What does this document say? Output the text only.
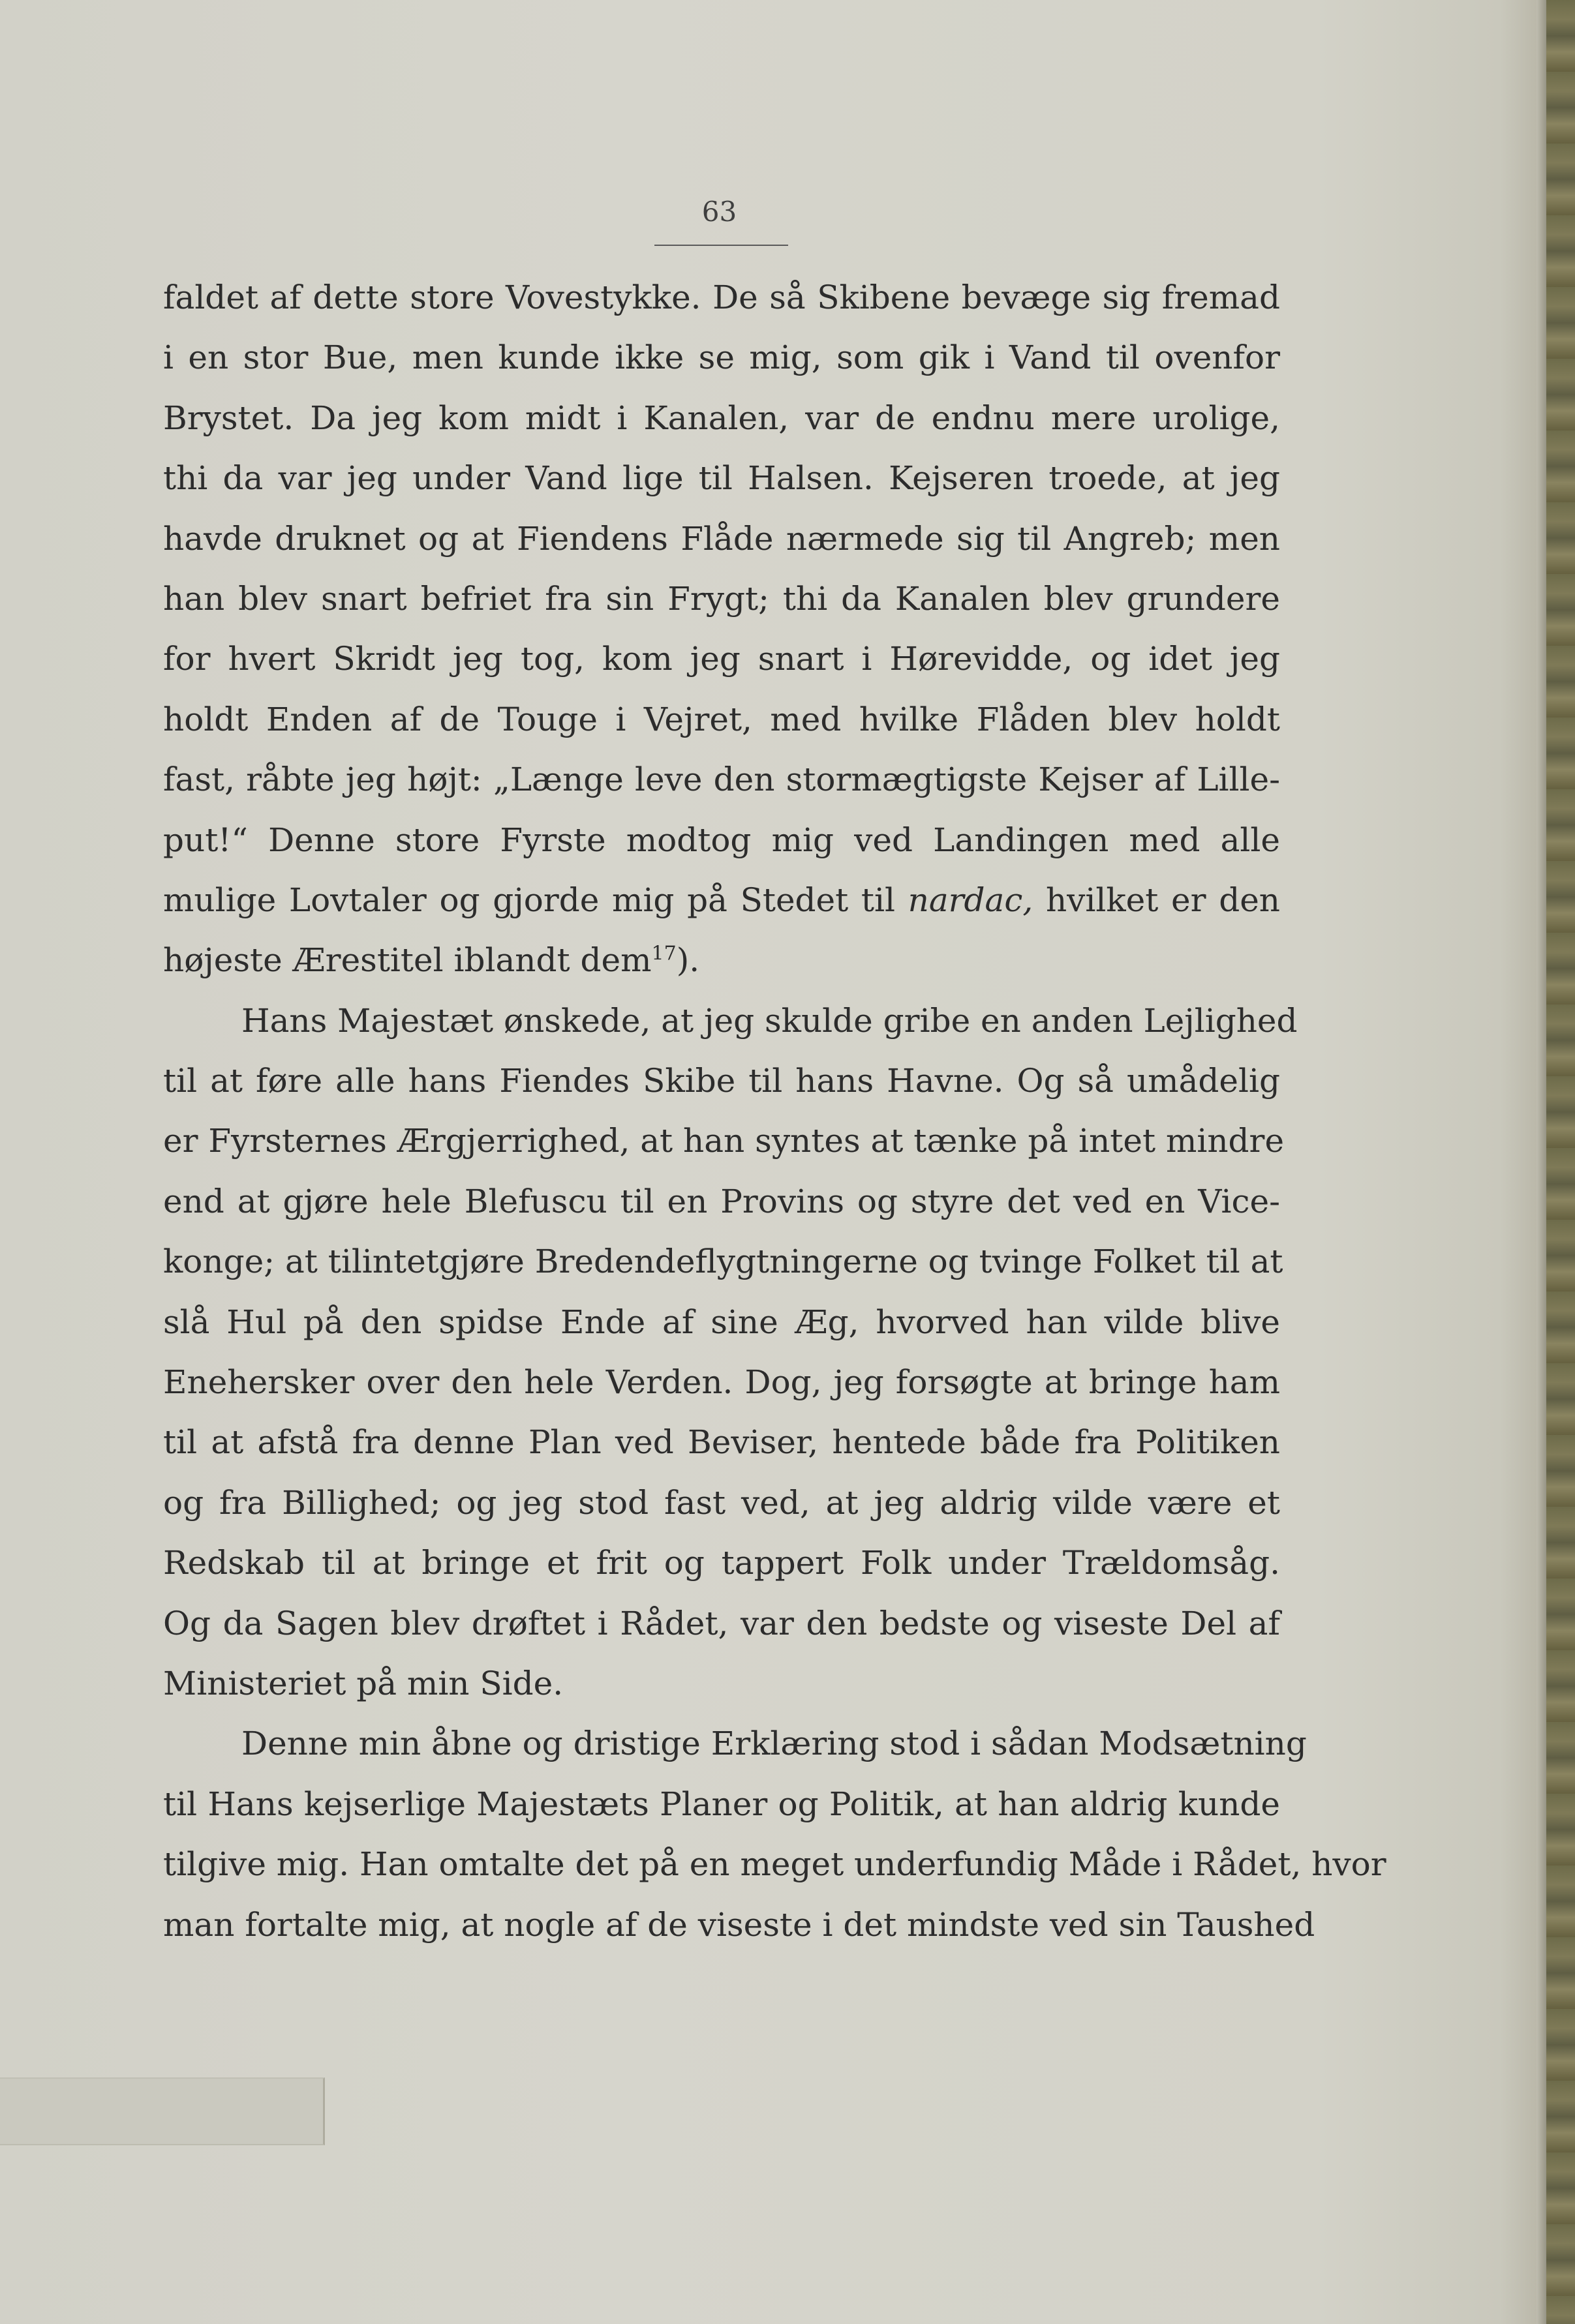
63
faldet af dette store Vovestykke. De så Skibene bevæge sig fremad
i en stor Bue, men kunde ikke se mig, som gik i Vand til ovenfor
Brystet. Da jeg kom midt i Kanalen, var de endnu mere urolige,
thi da var jeg under Vand lige til Halsen. Kejseren troede, at jeg
havde druknet og at Fiendens Flåde nærmede sig til Angreb; men
han blev snart befriet fra sin Frygt; thi da Kanalen blev grundere
for hvert Skridt jeg tog, kom jeg snart i Hørevidde, og idet jeg
holdt Enden af de Touge i Vejret, med hvilke Flåden blev holdt
fast, råbte jeg højt: „Længe leve den stormægtigste Kejser af Lille-
put!“ Denne store Fyrste modtog mig ved Landingen med alle
mulige Lovtaler og gjorde mig på Stedet til nardac, hvilket er den
højeste Ærestitel iblandt dem$^{17}$).
Hans Majestæt ønskede, at jeg skulde gribe en anden Lejlighed
til at føre alle hans Fiendes Skibe til hans Havne. Og så umådelig
er Fyrsternes Ærgjerrighed, at han syntes at tænke på intet mindre
end at gjøre hele Blefuscu til en Provins og styre det ved en Vice-
konge; at tilintetgjøre Bredendeflygtningerne og tvinge Folket til at
slå Hul på den spidse Ende af sine Æg, hvorved han vilde blive
Enehersker over den hele Verden. Dog, jeg forsøgte at bringe ham
til at afstå fra denne Plan ved Beviser, hentede både fra Politiken
og fra Billighed; og jeg stod fast ved, at jeg aldrig vilde være et
Redskab til at bringe et frit og tappert Folk under Trældomsåg.
Og da Sagen blev drøftet i Rådet, var den bedste og viseste Del af
Ministeriet på min Side.
Denne min åbne og dristige Erklæring stod i sådan Modsætning
til Hans kejserlige Majestæts Planer og Politik, at han aldrig kunde
tilgive mig. Han omtalte det på en meget underfundig Måde i Rådet, hvor
man fortalte mig, at nogle af de viseste i det mindste ved sin Taushed
